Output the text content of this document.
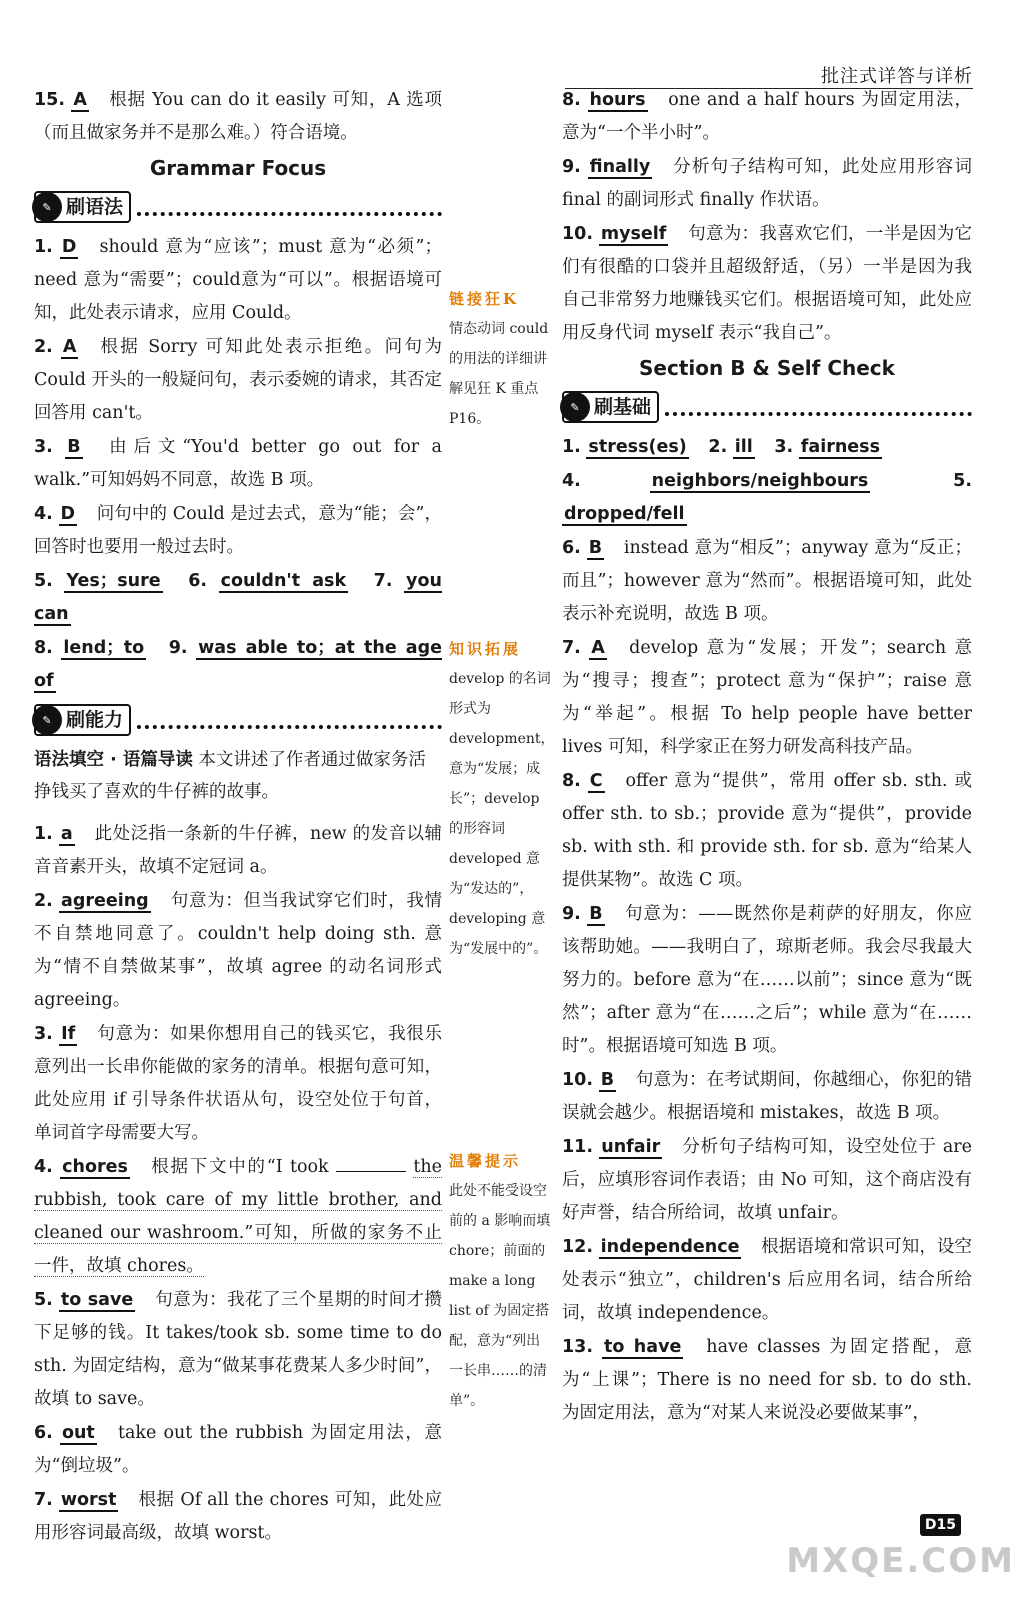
批注式详答与详析
15. A 根据 You can do it easily 可知，A 选项（而且做家务并不是那么难。）符合语境。
Grammar Focus
✎ 刷语法
1. D should 意为“应该”；must 意为“必须”；need 意为“需要”；could意为“可以”。根据语境可知，此处表示请求，应用 Could。
2. A 根据 Sorry 可知此处表示拒绝。问句为 Could 开头的一般疑问句，表示委婉的请求，其否定回答用 can't。
3. B 由后文“You'd better go out for a walk.”可知妈妈不同意，故选 B 项。
4. D 问句中的 Could 是过去式，意为“能；会”，回答时也要用一般过去时。
5. Yes；sure 6. couldn't ask 7. you can
8. lend；to 9. was able to；at the age of
✎ 刷能力
语法填空 · 语篇导读 本文讲述了作者通过做家务活挣钱买了喜欢的牛仔裤的故事。
1. a 此处泛指一条新的牛仔裤，new 的发音以辅音音素开头，故填不定冠词 a。
2. agreeing 句意为：但当我试穿它们时，我情不自禁地同意了。couldn't help doing sth. 意为“情不自禁做某事”，故填 agree 的动名词形式 agreeing。
3. If 句意为：如果你想用自己的钱买它，我很乐意列出一长串你能做的家务的清单。根据句意可知，此处应用 if 引导条件状语从句，设空处位于句首，单词首字母需要大写。
4. chores 根据下文中的“I took	the rubbish, took care of my little brother, and cleaned our washroom.”可知，所做的家务不止一件，故填 chores。
5. to save 句意为：我花了三个星期的时间才攒下足够的钱。It takes/took sb. some time to do sth. 为固定结构，意为“做某事花费某人多少时间”，故填 to save。
6. out take out the rubbish 为固定用法，意为“倒垃圾”。
7. worst 根据 Of all the chores 可知，此处应用形容词最高级，故填 worst。
链接狂K
情态动词 could 的用法的详细讲解见狂 K 重点 P16。
知识拓展
develop 的名词形式为 development，意为“发展；成长”；develop 的形容词 developed 意为“发达的”，developing 意为“发展中的”。
温馨提示
此处不能受设空前的 a 影响而填 chore；前面的 make a long list of 为固定搭配，意为“列出一长串……的清单”。
8. hours one and a half hours 为固定用法，意为“一个半小时”。
9. finally 分析句子结构可知，此处应用形容词 final 的副词形式 finally 作状语。
10. myself 句意为：我喜欢它们，一半是因为它们有很酷的口袋并且超级舒适，（另）一半是因为我自己非常努力地赚钱买它们。根据语境可知，此处应用反身代词 myself 表示“我自己”。
Section B & Self Check
✎ 刷基础
1. stress(es) 2. ill 3. fairness
4.	neighbors/neighbours	5. dropped/fell
6. B instead 意为“相反”；anyway 意为“反正；而且”；however 意为“然而”。根据语境可知，此处表示补充说明，故选 B 项。
7. A develop 意为“发展；开发”；search 意为“搜寻；搜查”；protect 意为“保护”；raise 意为“举起”。根据 To help people have better lives 可知，科学家正在努力研发高科技产品。
8. C offer 意为“提供”，常用 offer sb. sth. 或 offer sth. to sb.；provide 意为“提供”，provide sb. with sth. 和 provide sth. for sb. 意为“给某人提供某物”。故选 C 项。
9. B 句意为：——既然你是莉萨的好朋友，你应该帮助她。——我明白了，琼斯老师。我会尽我最大努力的。before 意为“在……以前”；since 意为“既然”；after 意为“在……之后”；while 意为“在……时”。根据语境可知选 B 项。
10. B 句意为：在考试期间，你越细心，你犯的错误就会越少。根据语境和 mistakes，故选 B 项。
11. unfair 分析句子结构可知，设空处位于 are 后，应填形容词作表语；由 No 可知，这个商店没有好声誉，结合所给词，故填 unfair。
12. independence 根据语境和常识可知，设空处表示“独立”，children's 后应用名词，结合所给词，故填 independence。
13. to have have classes 为固定搭配，意为“上课”；There is no need for sb. to do sth. 为固定用法，意为“对某人来说没必要做某事”，
D15
MXQE.COM
